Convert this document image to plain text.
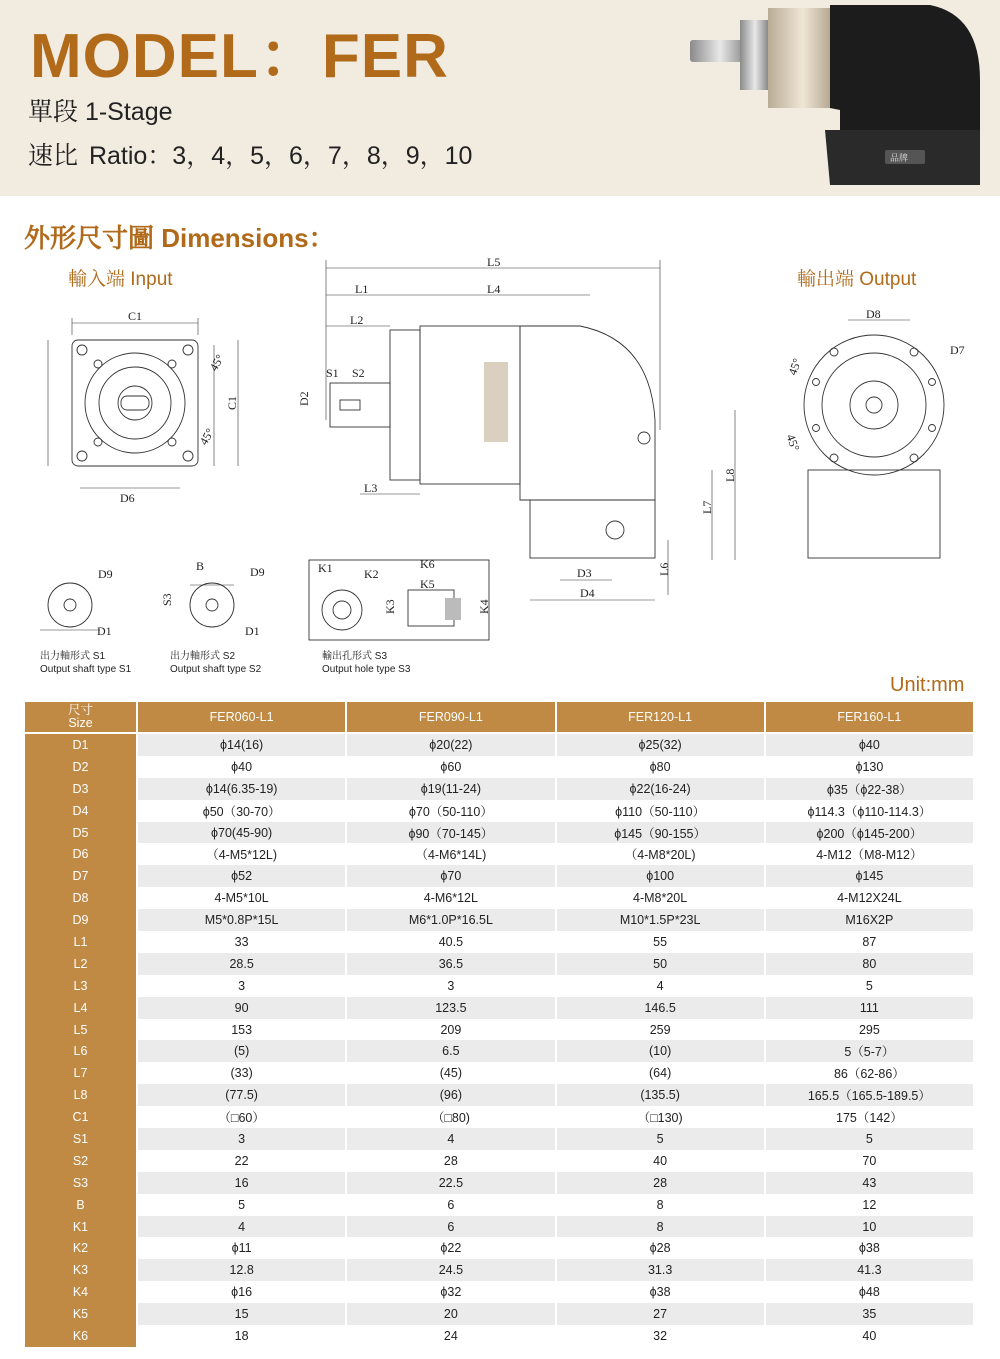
MODEL：FER
單段 1-Stage
速比 Ratio：3，4，5，6，7，8，9，10	品牌
外形尺寸圖 Dimensions：
輸入端 Input	輸出端 Output
C1
C1
45°
45°
D6
L5
L1	L4
L2
S1 S2
D2	FAMED
L3
L8
L7
L6
D3
D4
D8
D7
45°
45°
D9
D1
B	D9
S3
D1
K1	K2
K3
K6
K5
K4
出力軸形式 S1
Output shaft type S1
出力軸形式 S2
Output shaft type S2
輸出孔形式 S3
Output hole type S3
Unit:mm
尺寸
Size	FER060-L1	FER090-L1	FER120-L1	FER160-L1
D1	ϕ14(16)	ϕ20(22)	ϕ25(32)	ϕ40
D2	ϕ40	ϕ60	ϕ80	ϕ130
D3	ϕ14(6.35-19)	ϕ19(11-24)	ϕ22(16-24)	ϕ35（ϕ22-38）
D4	ϕ50（30-70）	ϕ70（50-110）	ϕ110（50-110）	ϕ114.3（ϕ110-114.3）
D5	ϕ70(45-90)	ϕ90（70-145）	ϕ145（90-155）	ϕ200（ϕ145-200）
D6	（4-M5*12L)	（4-M6*14L)	（4-M8*20L)	4-M12（M8-M12）
D7	ϕ52	ϕ70	ϕ100	ϕ145
D8	4-M5*10L	4-M6*12L	4-M8*20L	4-M12X24L
D9	M5*0.8P*15L	M6*1.0P*16.5L	M10*1.5P*23L	M16X2P
L1	33	40.5	55	87
L2	28.5	36.5	50	80
L3	3	3	4	5
L4	90	123.5	146.5	111
L5	153	209	259	295
L6	(5)	6.5	(10)	5（5-7）
L7	(33)	(45)	(64)	86（62-86）
L8	(77.5)	(96)	(135.5)	165.5（165.5-189.5）
C1	（□60）	（□80)	（□130)	175（142）
S1	3	4	5	5
S2	22	28	40	70
S3	16	22.5	28	43
B	5	6	8	12
K1	4	6	8	10
K2	ϕ11	ϕ22	ϕ28	ϕ38
K3	12.8	24.5	31.3	41.3
K4	ϕ16	ϕ32	ϕ38	ϕ48
K5	15	20	27	35
K6	18	24	32	40
